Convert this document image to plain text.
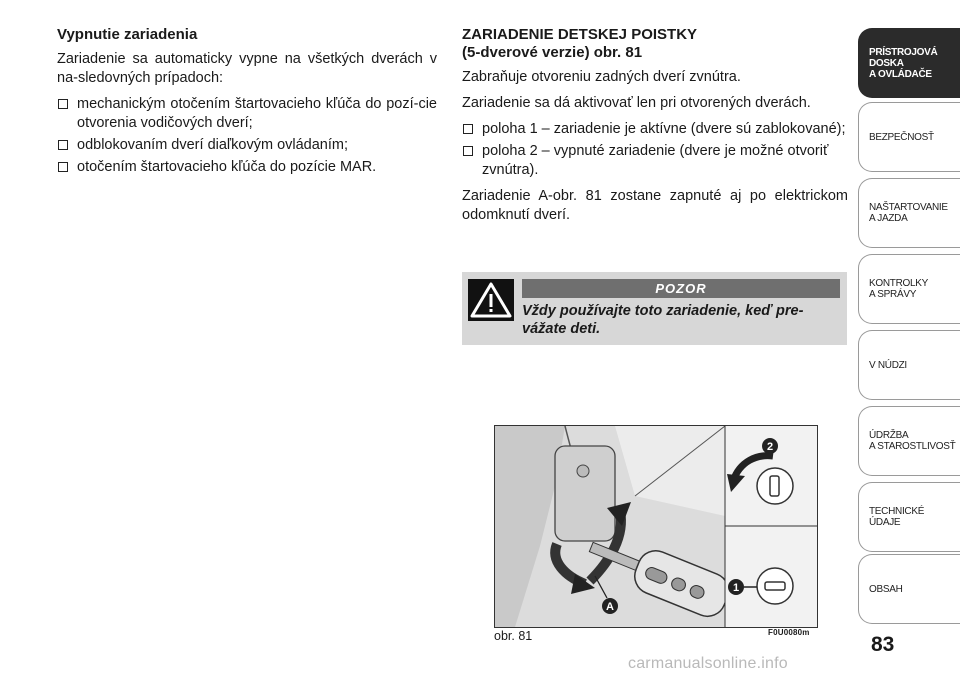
Vypnutie zariadenia

Zariadenie sa automaticky vypne na všetkých dverách v na-sledovných prípadoch:

mechanickým otočením štartovacieho kľúča do pozí-cie otvorenia vodičových dverí;
odblokovaním dverí diaľkovým ovládaním;
otočením štartovacieho kľúča do pozície MAR.
ZARIADENIE DETSKEJ POISTKY
(5-dverové verzie) obr. 81

Zabraňuje otvoreniu zadných dverí zvnútra.

Zariadenie sa dá aktivovať len pri otvorených dverách.

poloha 1 – zariadenie je aktívne (dvere sú zablokované);
poloha 2 – vypnuté zariadenie (dvere je možné otvoriť zvnútra).

Zariadenie A-obr. 81 zostane zapnuté aj po elektrickom odomknutí dverí.

POZOR
Vždy používajte toto zariadenie, keď pre-vážate deti.
2
1
A
obr. 81	F0U0080m
PRÍSTROJOVÁ
DOSKA
A OVLÁDAČE
BEZPEČNOSŤ
NAŠTARTOVANIE
A JAZDA
KONTROLKY
A SPRÁVY
V NÚDZI
ÚDRŽBA
A STAROSTLIVOSŤ
TECHNICKÉ ÚDAJE
OBSAH
83
carmanualsonline.info
